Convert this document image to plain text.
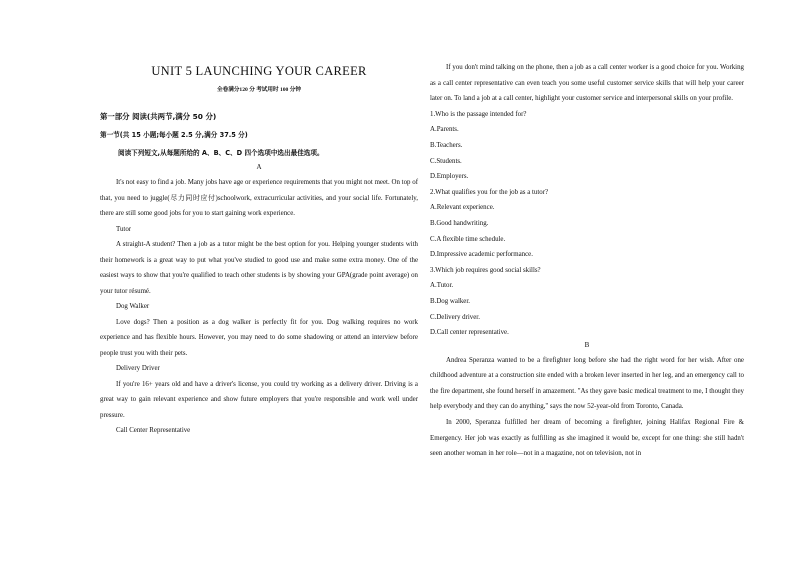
UNIT 5 LAUNCHING YOUR CAREER
全卷满分120 分 考试用时 100 分钟
第一部分 阅读(共两节,满分 50 分)
第一节(共 15 小题;每小题 2.5 分,满分 37.5 分)
阅读下列短文,从每题所给的 A、B、C、D 四个选项中选出最佳选项。
A

It's not easy to find a job. Many jobs have age or experience requirements that you might not meet. On top of that, you need to juggle(尽力同时应付)schoolwork, extracurricular activities, and your social life. Fortunately, there are still some good jobs for you to start gaining work experience.

Tutor

A straight-A student? Then a job as a tutor might be the best option for you. Helping younger students with their homework is a great way to put what you've studied to good use and make some extra money. One of the easiest ways to show that you're qualified to teach other students is by showing your GPA(grade point average) on your tutor résumé.

Dog Walker

Love dogs? Then a position as a dog walker is perfectly fit for you. Dog walking requires no work experience and has flexible hours. However, you may need to do some shadowing or attend an interview before people trust you with their pets.

Delivery Driver

If you're 16+ years old and have a driver's license, you could try working as a delivery driver. Driving is a great way to gain relevant experience and show future employers that you're responsible and work well under pressure.

Call Center Representative

If you don't mind talking on the phone, then a job as a call center worker is a good choice for you. Working as a call center representative can even teach you some useful customer service skills that will help your career later on. To land a job at a call center, highlight your customer service and interpersonal skills on your profile.

1.Who is the passage intended for?
A.Parents.
B.Teachers.
C.Students.
D.Employers.
2.What qualifies you for the job as a tutor?
A.Relevant experience.
B.Good handwriting.
C.A flexible time schedule.
D.Impressive academic performance.
3.Which job requires good social skills?
A.Tutor.
B.Dog walker.
C.Delivery driver.
D.Call center representative.
B

Andrea Speranza wanted to be a firefighter long before she had the right word for her wish. After one childhood adventure at a construction site ended with a broken lever inserted in her leg, and an emergency call to the fire department, she found herself in amazement. "As they gave basic medical treatment to me, I thought they help everybody and they can do anything," says the now 52-year-old from Toronto, Canada.

In 2000, Speranza fulfilled her dream of becoming a firefighter, joining Halifax Regional Fire & Emergency. Her job was exactly as fulfilling as she imagined it would be, except for one thing: she still hadn't seen another woman in her role—not in a magazine, not on television, not in
